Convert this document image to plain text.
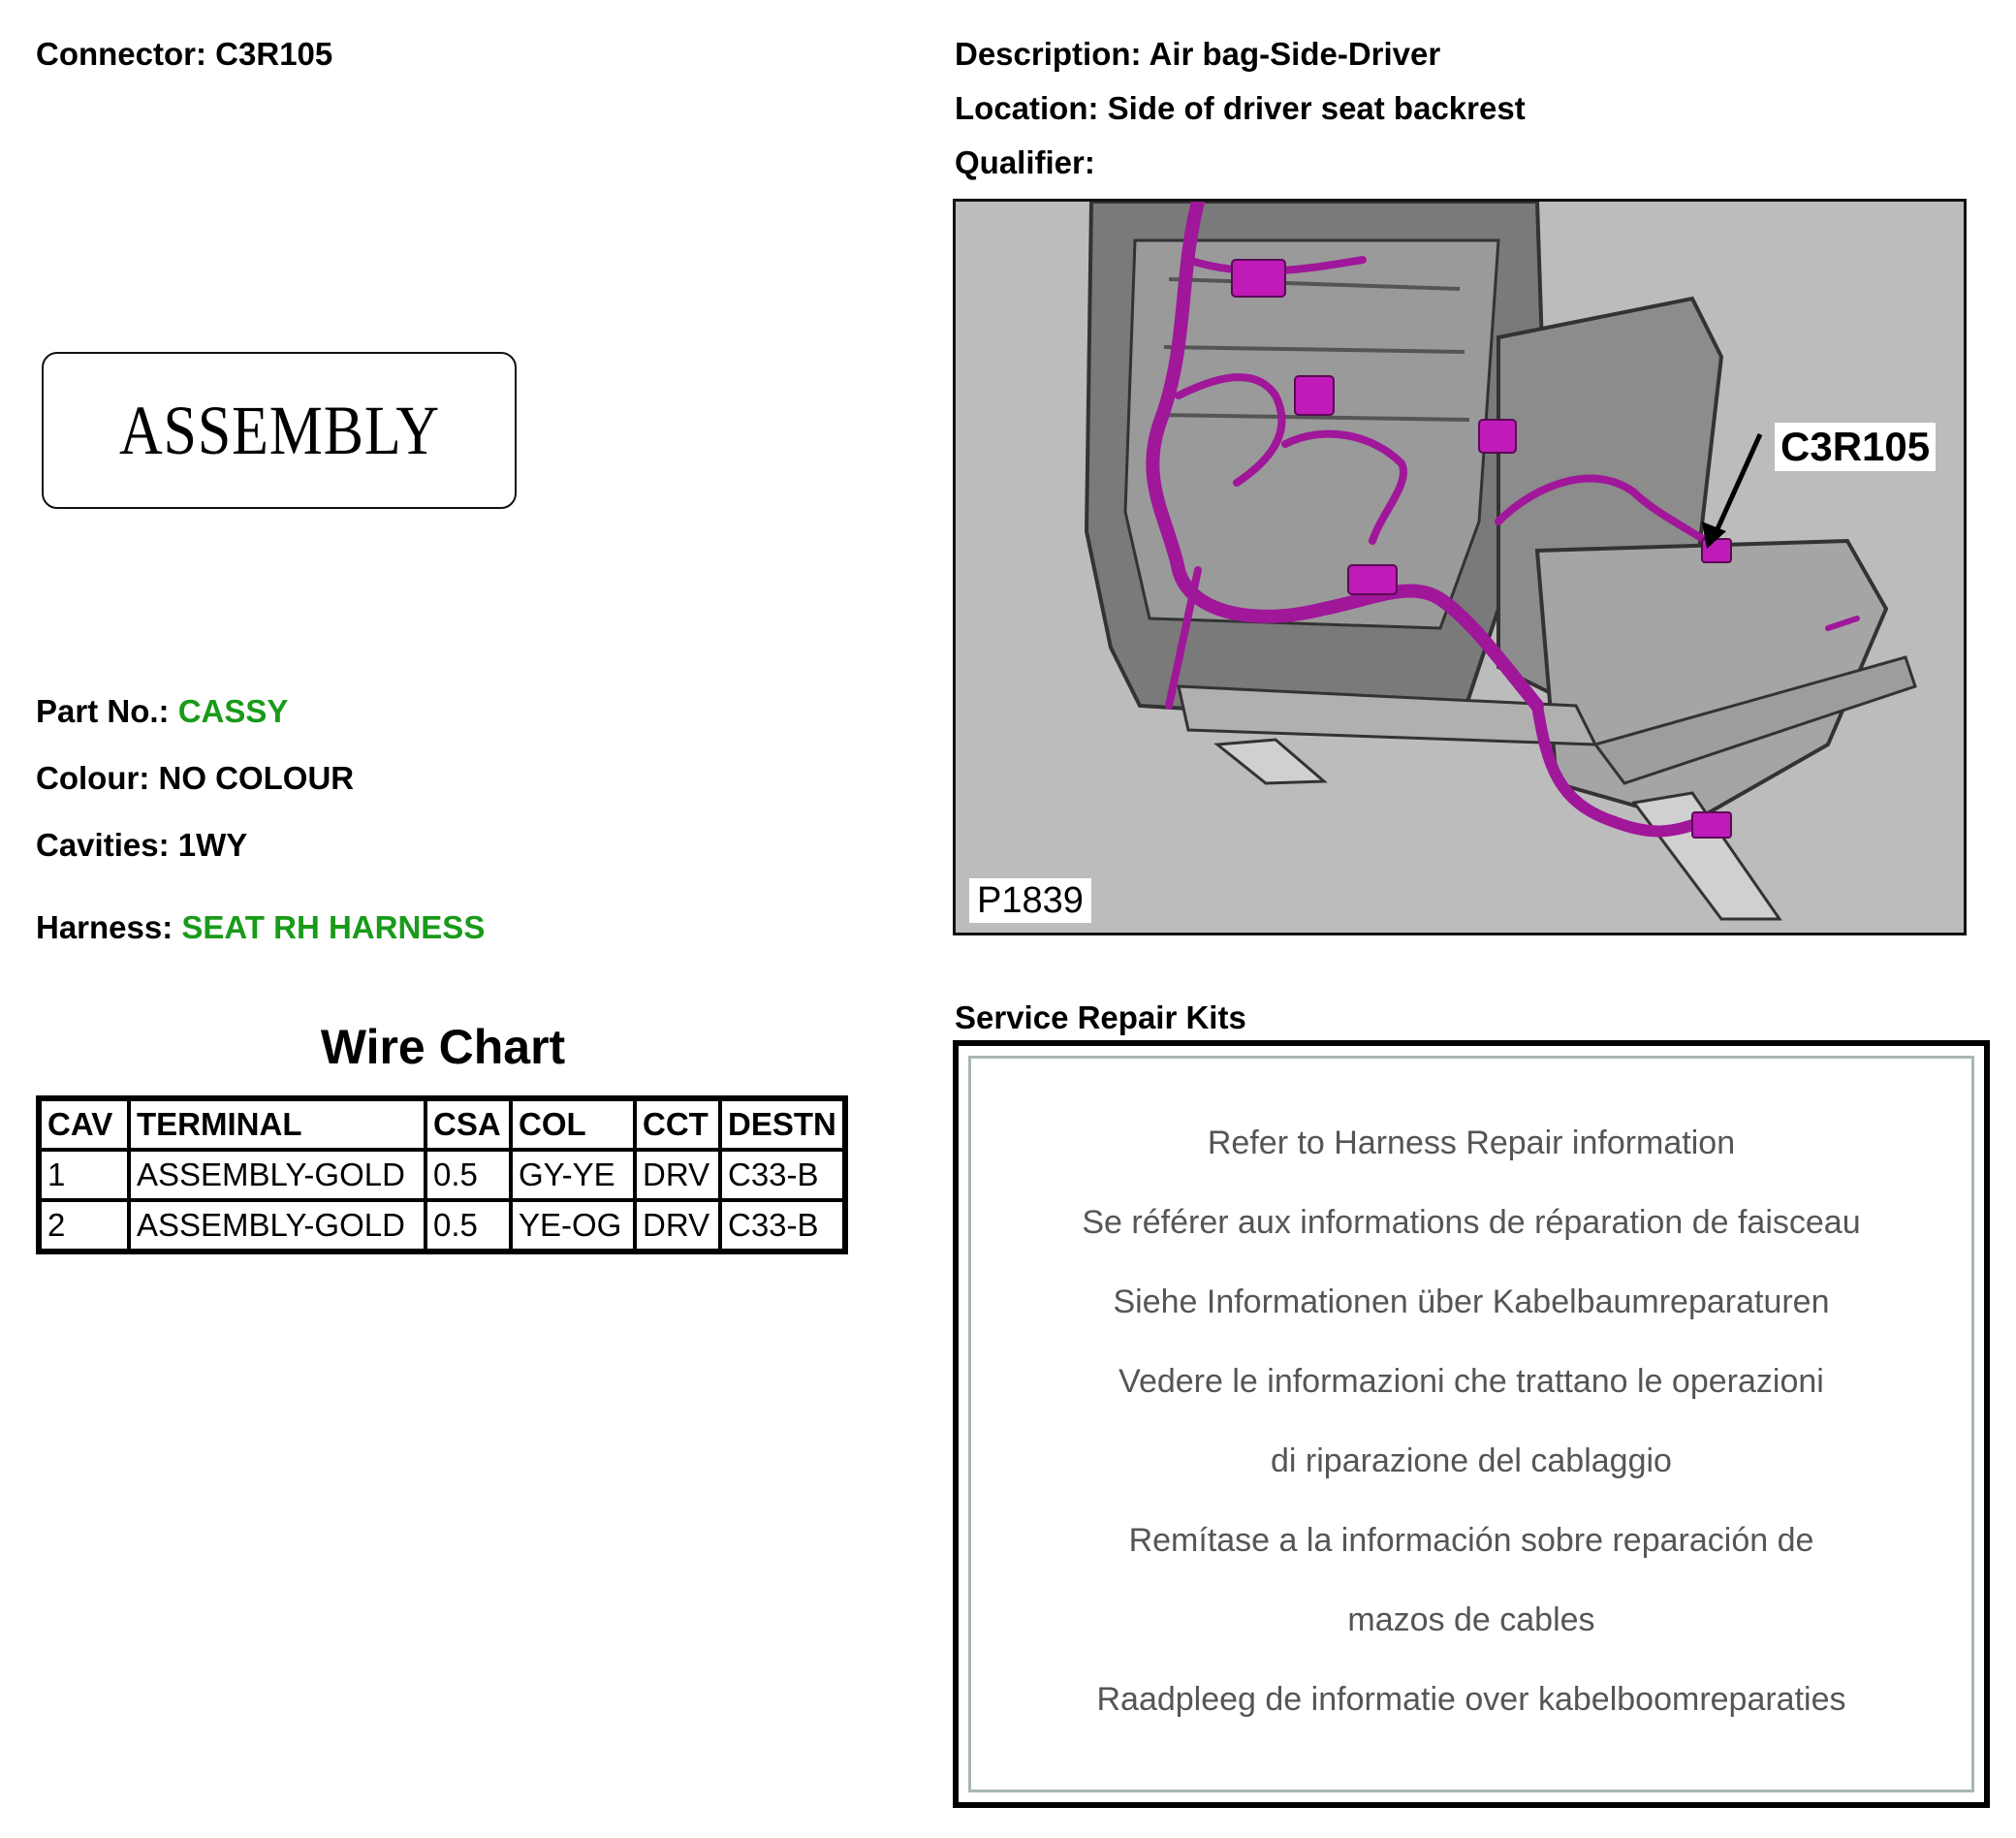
Connector: C3R105	Description: Air bag-Side-Driver
Location: Side of driver seat backrest
Qualifier:
ASSEMBLY
Part No.: CASSY
Colour: NO COLOUR
Cavities: 1WY
Harness: SEAT RH HARNESS
Wire Chart
CAV	TERMINAL	CSA	COL	CCT	DESTN
1	ASSEMBLY-GOLD	0.5	GY-YE	DRV	C33-B
2	ASSEMBLY-GOLD	0.5	YE-OG	DRV	C33-B
C3R105
P1839
Service Repair Kits
Refer to Harness Repair information
Se référer aux informations de réparation de faisceau
Siehe Informationen über Kabelbaumreparaturen
Vedere le informazioni che trattano le operazioni
di riparazione del cablaggio
Remítase a la información sobre reparación de
mazos de cables
Raadpleeg de informatie over kabelboomreparaties
